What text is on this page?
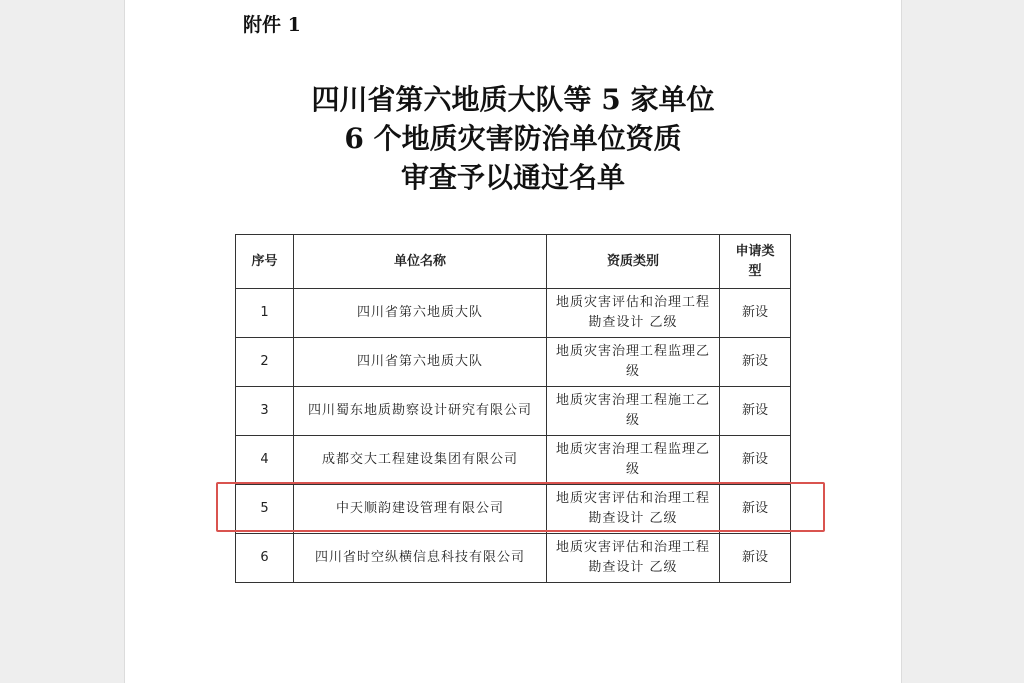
附件 1
四川省第六地质大队等 5 家单位
6 个地质灾害防治单位资质
审查予以通过名单
序号	单位名称	资质类别	申请类型
1	四川省第六地质大队	地质灾害评估和治理工程勘查设计 乙级	新设
2	四川省第六地质大队	地质灾害治理工程监理乙级	新设
3	四川蜀东地质勘察设计研究有限公司	地质灾害治理工程施工乙级	新设
4	成都交大工程建设集团有限公司	地质灾害治理工程监理乙级	新设
5	中天顺韵建设管理有限公司	地质灾害评估和治理工程勘查设计 乙级	新设
6	四川省时空纵横信息科技有限公司	地质灾害评估和治理工程勘查设计 乙级	新设
